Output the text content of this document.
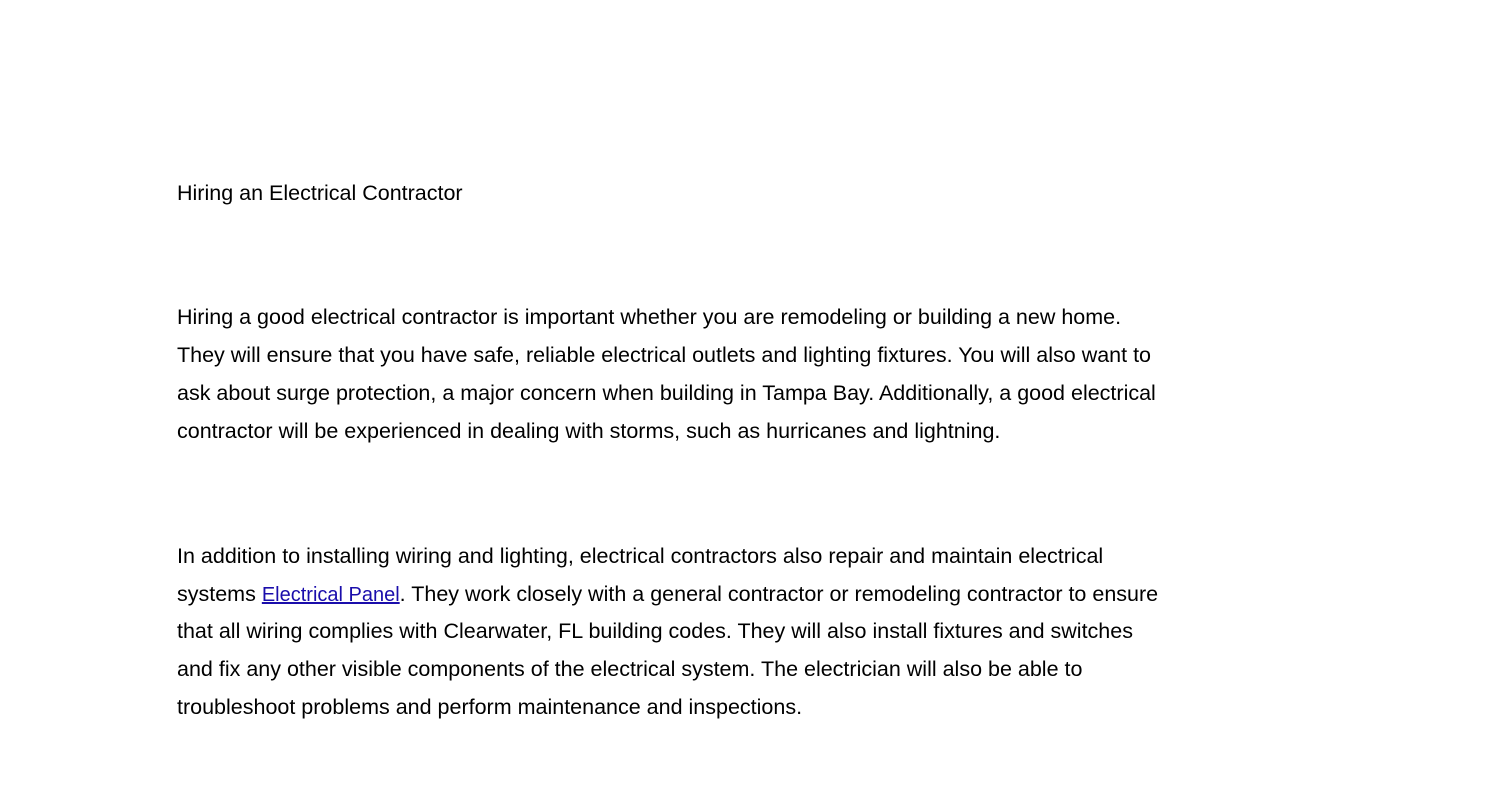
Hiring an Electrical Contractor
Hiring a good electrical contractor is important whether you are remodeling or building a new home.
They will ensure that you have safe, reliable electrical outlets and lighting fixtures. You will also want to
ask about surge protection, a major concern when building in Tampa Bay. Additionally, a good electrical
contractor will be experienced in dealing with storms, such as hurricanes and lightning.
In addition to installing wiring and lighting, electrical contractors also repair and maintain electrical
systems Electrical Panel. They work closely with a general contractor or remodeling contractor to ensure
that all wiring complies with Clearwater, FL building codes. They will also install fixtures and switches
and fix any other visible components of the electrical system. The electrician will also be able to
troubleshoot problems and perform maintenance and inspections.
